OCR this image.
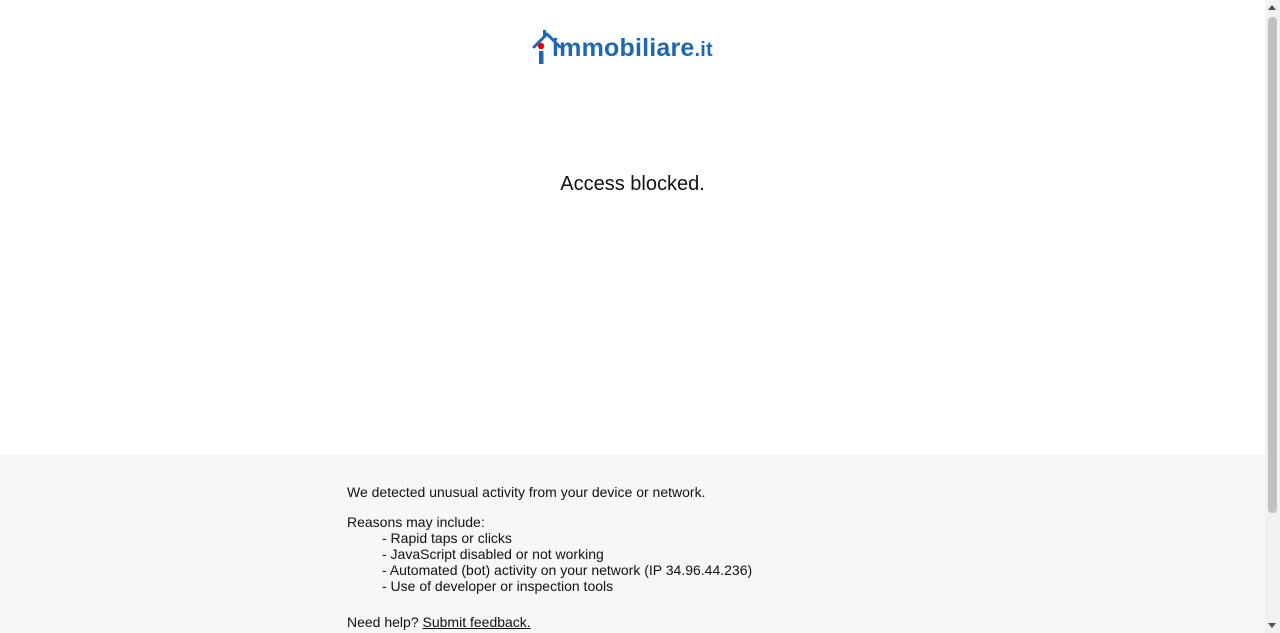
immobiliare.it
Access blocked.

We detected unusual activity from your device or network.

Reasons may include:

- Rapid taps or clicks
- JavaScript disabled or not working
- Automated (bot) activity on your network (IP 34.96.44.236)
- Use of developer or inspection tools

Need help? Submit feedback.
